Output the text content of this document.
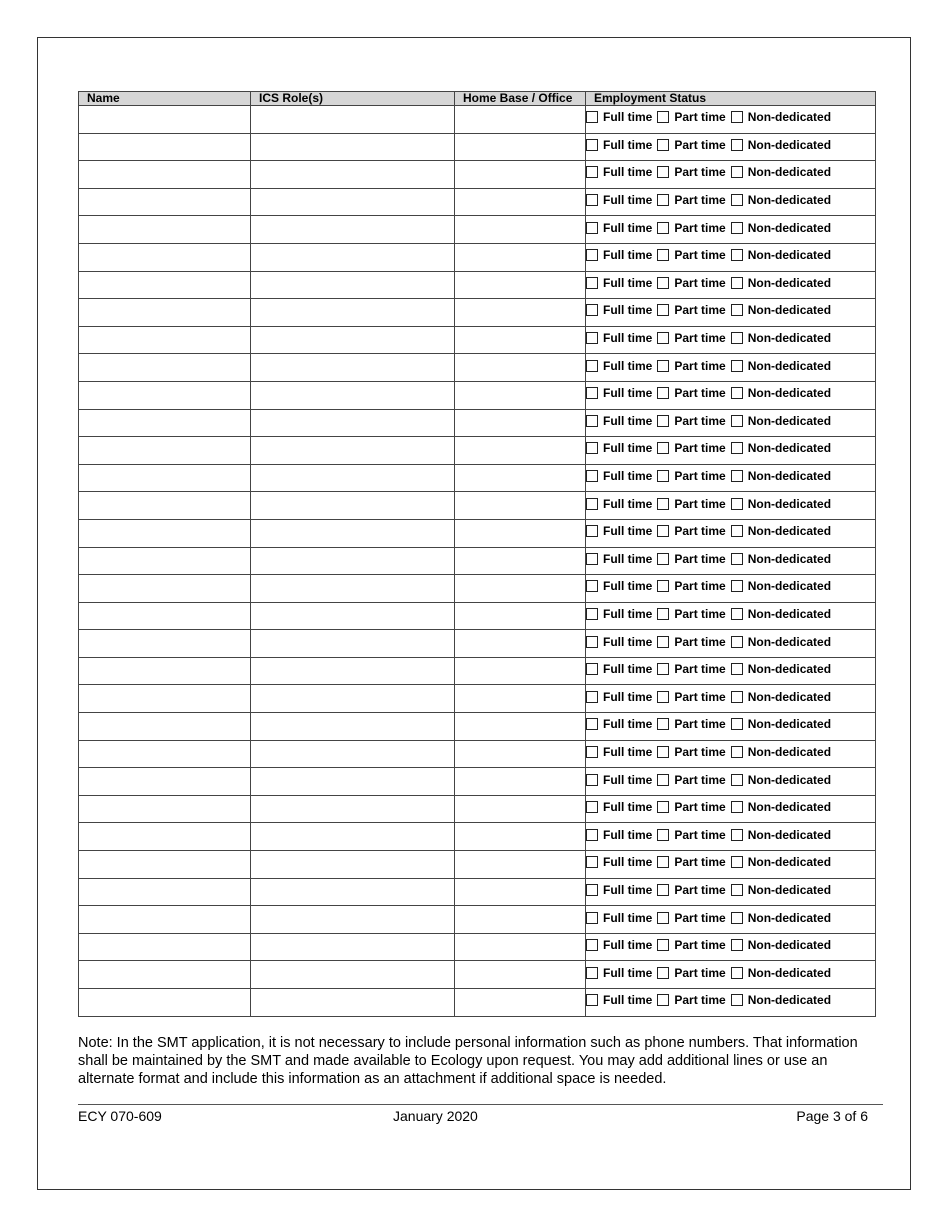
Name	ICS Role(s)	Home Base / Office	Employment Status

			Full time Part time Non-dedicated

			Full time Part time Non-dedicated

			Full time Part time Non-dedicated

			Full time Part time Non-dedicated

			Full time Part time Non-dedicated

			Full time Part time Non-dedicated

			Full time Part time Non-dedicated

			Full time Part time Non-dedicated

			Full time Part time Non-dedicated

			Full time Part time Non-dedicated

			Full time Part time Non-dedicated

			Full time Part time Non-dedicated

			Full time Part time Non-dedicated

			Full time Part time Non-dedicated

			Full time Part time Non-dedicated

			Full time Part time Non-dedicated

			Full time Part time Non-dedicated

			Full time Part time Non-dedicated

			Full time Part time Non-dedicated

			Full time Part time Non-dedicated

			Full time Part time Non-dedicated

			Full time Part time Non-dedicated

			Full time Part time Non-dedicated

			Full time Part time Non-dedicated

			Full time Part time Non-dedicated

			Full time Part time Non-dedicated

			Full time Part time Non-dedicated

			Full time Part time Non-dedicated

			Full time Part time Non-dedicated

			Full time Part time Non-dedicated

			Full time Part time Non-dedicated

			Full time Part time Non-dedicated

			Full time Part time Non-dedicated
Note: In the SMT application, it is not necessary to include personal information such as phone numbers. That information shall be maintained by the SMT and made available to Ecology upon request. You may add additional lines or use an alternate format and include this information as an attachment if additional space is needed.
ECY 070-609	January 2020	Page 3 of 6
